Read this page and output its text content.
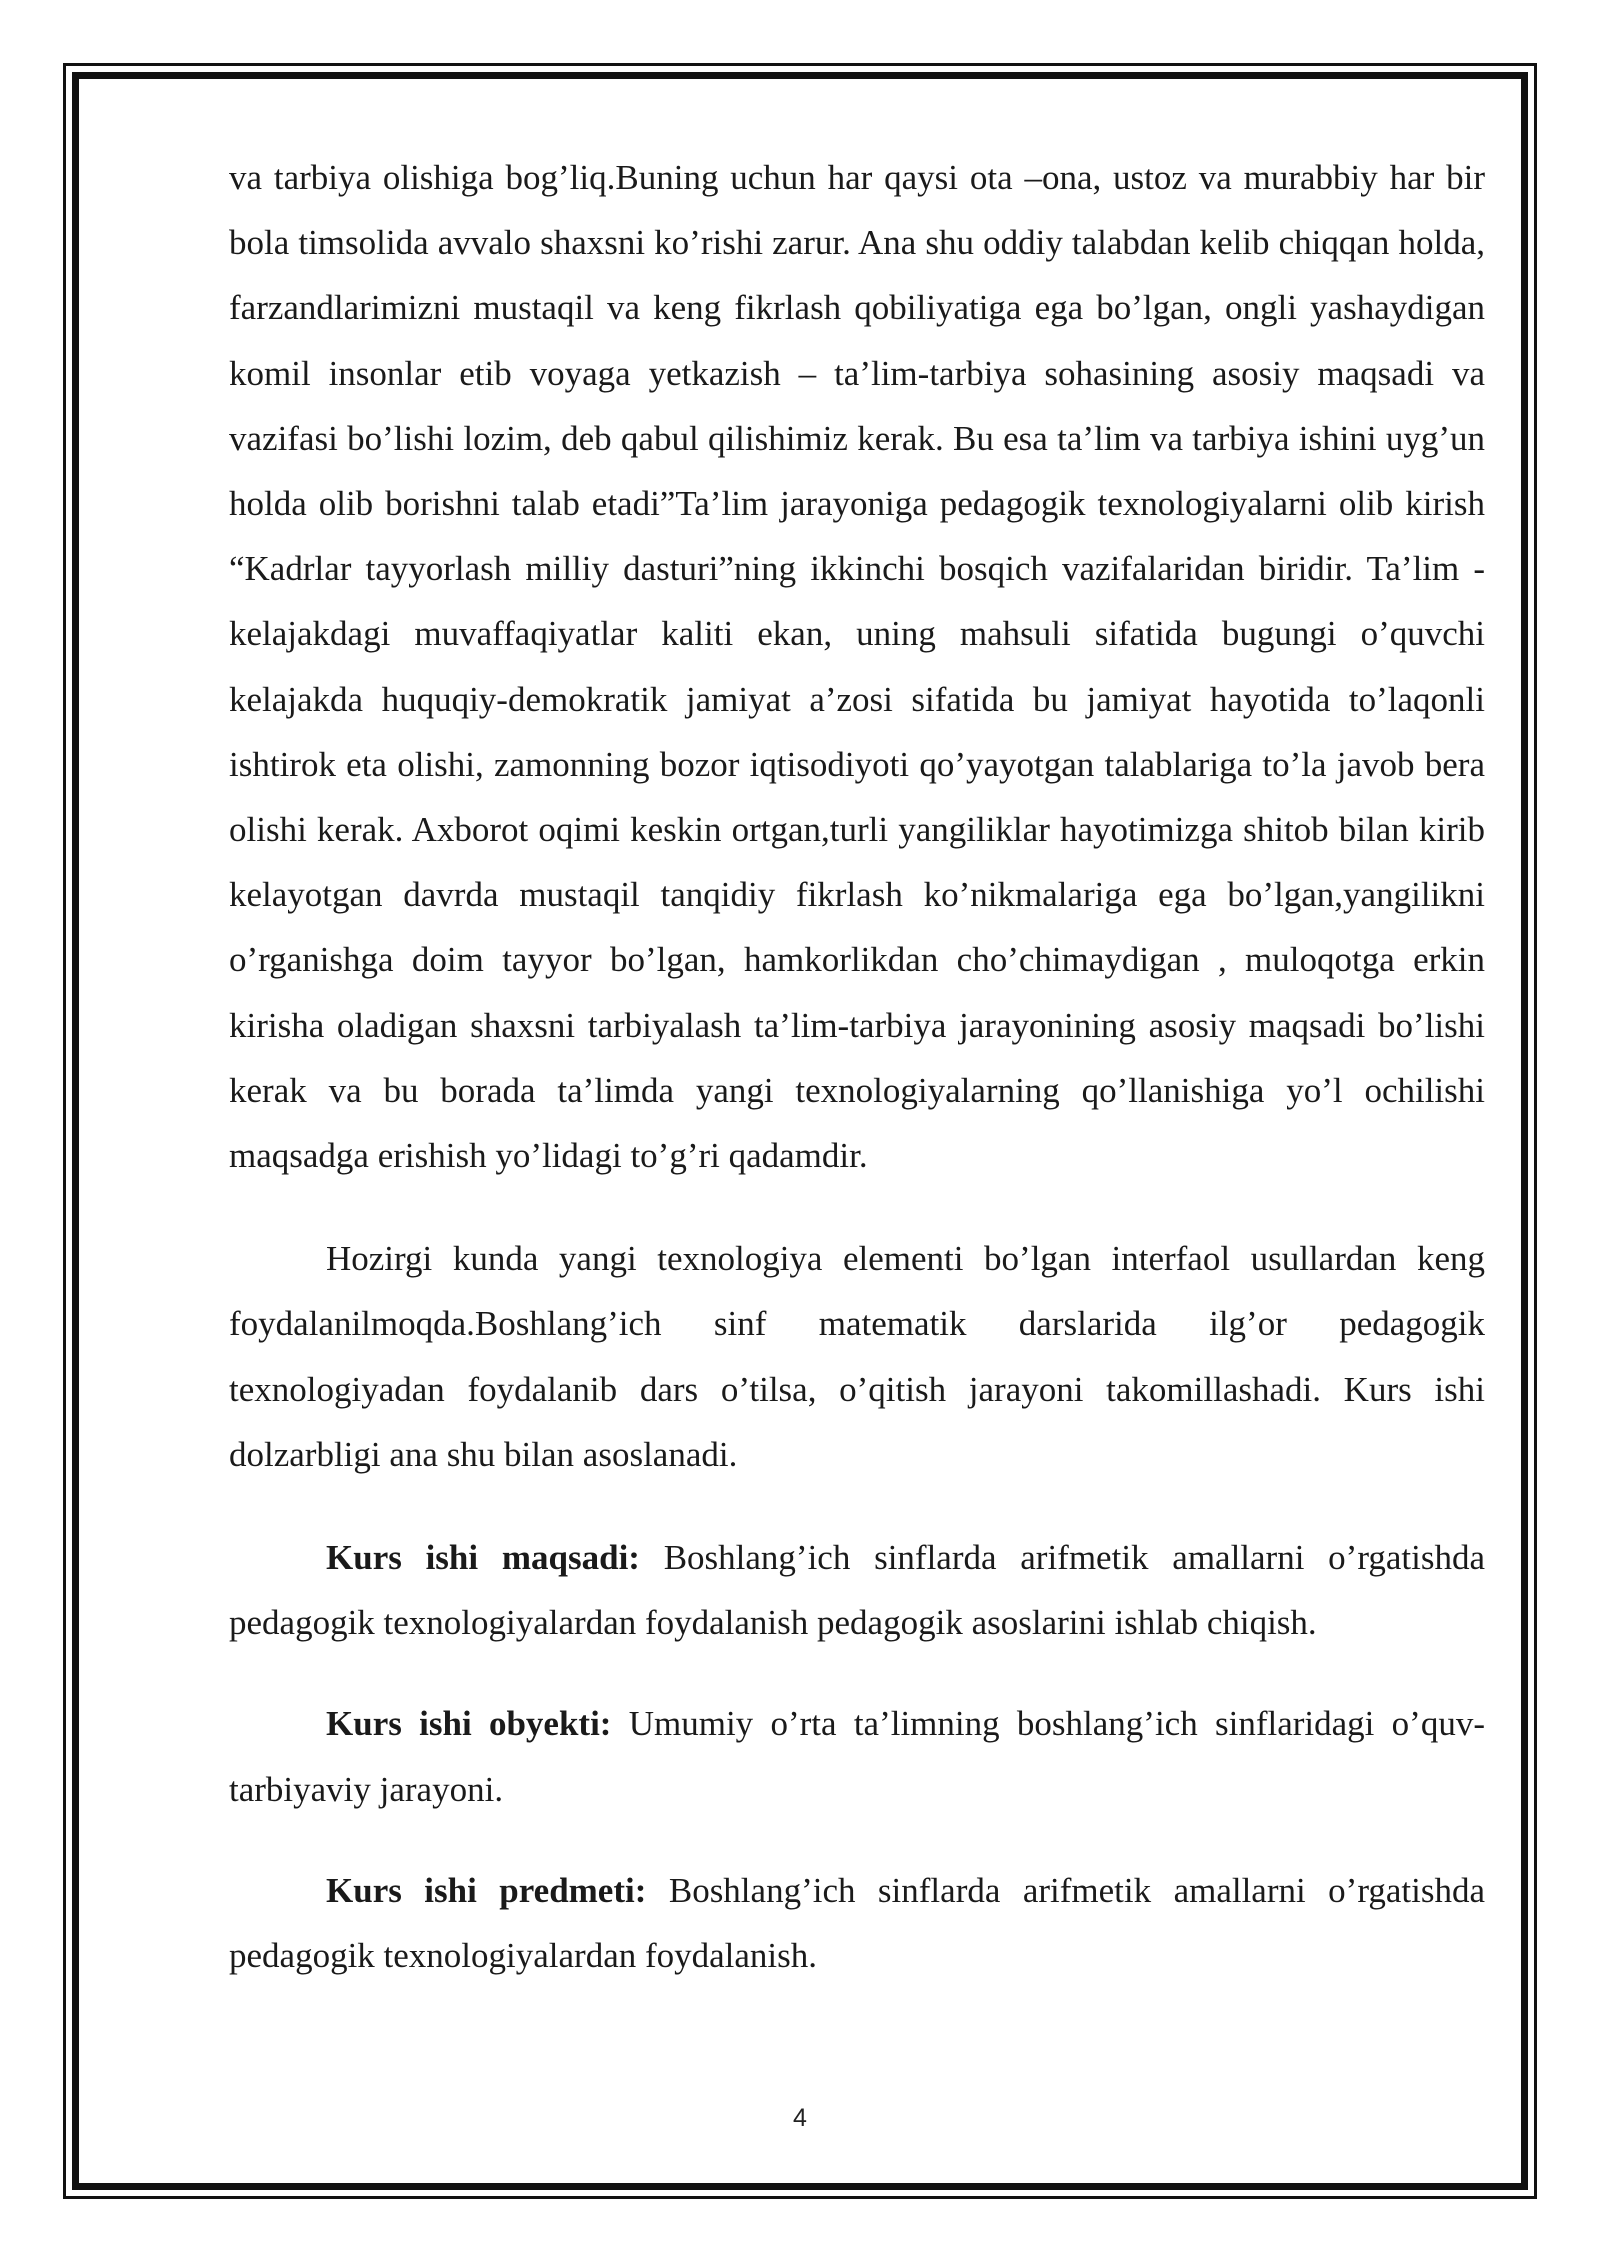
va tarbiya olishiga bog’liq.Buning uchun har qaysi ota –ona, ustoz va murabbiy har bir bola timsolida avvalo shaxsni ko’rishi zarur. Ana shu oddiy talabdan kelib chiqqan holda, farzandlarimizni mustaqil va keng fikrlash qobiliyatiga ega bo’lgan, ongli yashaydigan komil insonlar etib voyaga yetkazish – ta’lim-tarbiya sohasining asosiy maqsadi va vazifasi bo’lishi lozim, deb qabul qilishimiz kerak. Bu esa ta’lim va tarbiya ishini uyg’un holda olib borishni talab etadi”Ta’lim jarayoniga pedagogik texnologiyalarni olib kirish “Kadrlar tayyorlash milliy dasturi”ning ikkinchi bosqich vazifalaridan biridir. Ta’lim - kelajakdagi muvaffaqiyatlar kaliti ekan, uning mahsuli sifatida bugungi o’quvchi kelajakda huquqiy-demokratik jamiyat a’zosi sifatida bu jamiyat hayotida to’laqonli ishtirok eta olishi, zamonning bozor iqtisodiyoti qo’yayotgan talablariga to’la javob bera olishi kerak. Axborot oqimi keskin ortgan,turli yangiliklar hayotimizga shitob bilan kirib kelayotgan davrda mustaqil tanqidiy fikrlash ko’nikmalariga ega bo’lgan,yangilikni o’rganishga doim tayyor bo’lgan, hamkorlikdan cho’chimaydigan , muloqotga erkin kirisha oladigan shaxsni tarbiyalash ta’lim-tarbiya jarayonining asosiy maqsadi bo’lishi kerak va bu borada ta’limda yangi texnologiyalarning qo’llanishiga yo’l ochilishi maqsadga erishish yo’lidagi to’g’ri qadamdir.

Hozirgi kunda yangi texnologiya elementi bo’lgan interfaol usullardan keng foydalanilmoqda.Boshlang’ich sinf matematik darslarida ilg’or pedagogik texnologiyadan foydalanib dars o’tilsa, o’qitish jarayoni takomillashadi. Kurs ishi dolzarbligi ana shu bilan asoslanadi.

Kurs ishi maqsadi: Boshlang’ich sinflarda arifmetik amallarni o’rgatishda pedagogik texnologiyalardan foydalanish pedagogik asoslarini ishlab chiqish.

Kurs ishi obyekti: Umumiy o’rta ta’limning boshlang’ich sinflaridagi o’quv-tarbiyaviy jarayoni.

Kurs ishi predmeti: Boshlang’ich sinflarda arifmetik amallarni o’rgatishda pedagogik texnologiyalardan foydalanish.

4
